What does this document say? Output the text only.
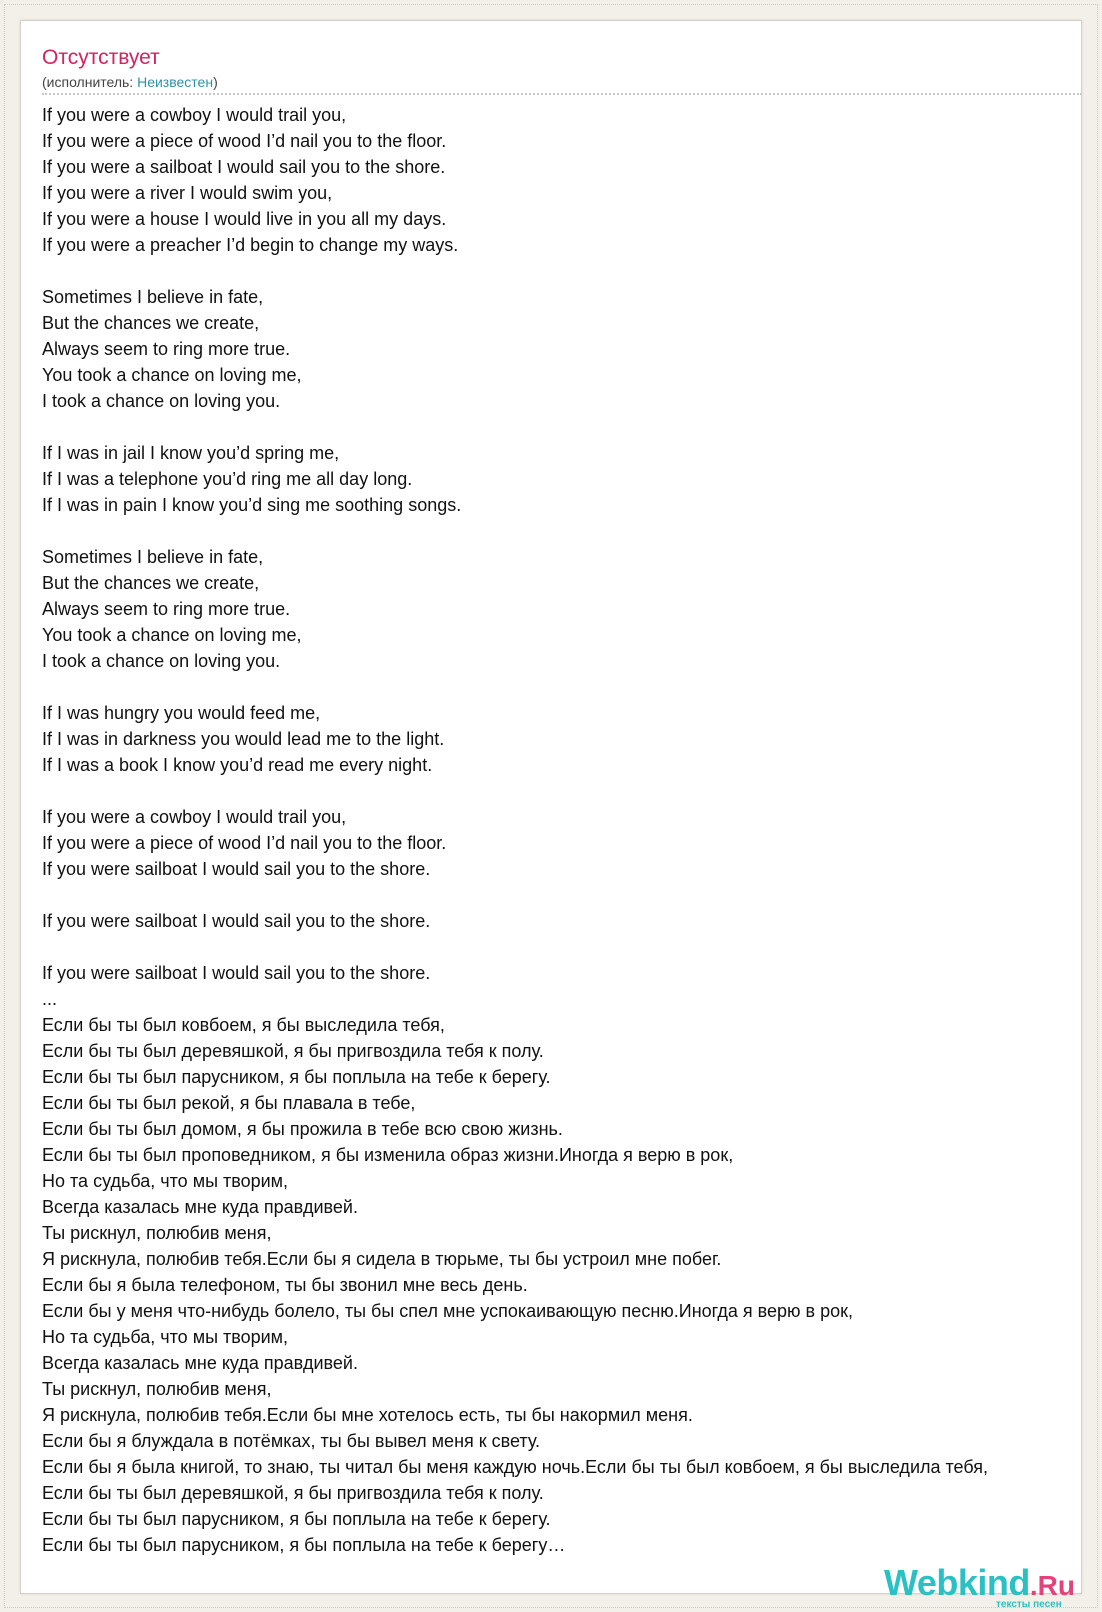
Отсутствует
(исполнитель: Неизвестен)
If you were a cowboy I would trail you,
If you were a piece of wood I’d nail you to the floor.
If you were a sailboat I would sail you to the shore.
If you were a river I would swim you,
If you were a house I would live in you all my days.
If you were a preacher I’d begin to change my ways.
Sometimes I believe in fate,
But the chances we create,
Always seem to ring more true.
You took a chance on loving me,
I took a chance on loving you.
If I was in jail I know you’d spring me,
If I was a telephone you’d ring me all day long.
If I was in pain I know you’d sing me soothing songs.
Sometimes I believe in fate,
But the chances we create,
Always seem to ring more true.
You took a chance on loving me,
I took a chance on loving you.
If I was hungry you would feed me,
If I was in darkness you would lead me to the light.
If I was a book I know you’d read me every night.
If you were a cowboy I would trail you,
If you were a piece of wood I’d nail you to the floor.
If you were sailboat I would sail you to the shore.
If you were sailboat I would sail you to the shore.
If you were sailboat I would sail you to the shore.
...
Если бы ты был ковбоем, я бы выследила тебя,
Если бы ты был деревяшкой, я бы пригвоздила тебя к полу.
Если бы ты был парусником, я бы поплыла на тебе к берегу.
Если бы ты был рекой, я бы плавала в тебе,
Если бы ты был домом, я бы прожила в тебе всю свою жизнь.
Если бы ты был проповедником, я бы изменила образ жизни.Иногда я верю в рок,
Но та судьба, что мы творим,
Всегда казалась мне куда правдивей.
Ты рискнул, полюбив меня,
Я рискнула, полюбив тебя.Если бы я сидела в тюрьме, ты бы устроил мне побег.
Если бы я была телефоном, ты бы звонил мне весь день.
Если бы у меня что-нибудь болело, ты бы спел мне успокаивающую песню.Иногда я верю в рок,
Но та судьба, что мы творим,
Всегда казалась мне куда правдивей.
Ты рискнул, полюбив меня,
Я рискнула, полюбив тебя.Если бы мне хотелось есть, ты бы накормил меня.
Если бы я блуждала в потёмках, ты бы вывел меня к свету.
Если бы я была книгой, то знаю, ты читал бы меня каждую ночь.Если бы ты был ковбоем, я бы выследила тебя,
Если бы ты был деревяшкой, я бы пригвоздила тебя к полу.
Если бы ты был парусником, я бы поплыла на тебе к берегу.
Если бы ты был парусником, я бы поплыла на тебе к берегу…
Webkind.Ru
тексты песен
